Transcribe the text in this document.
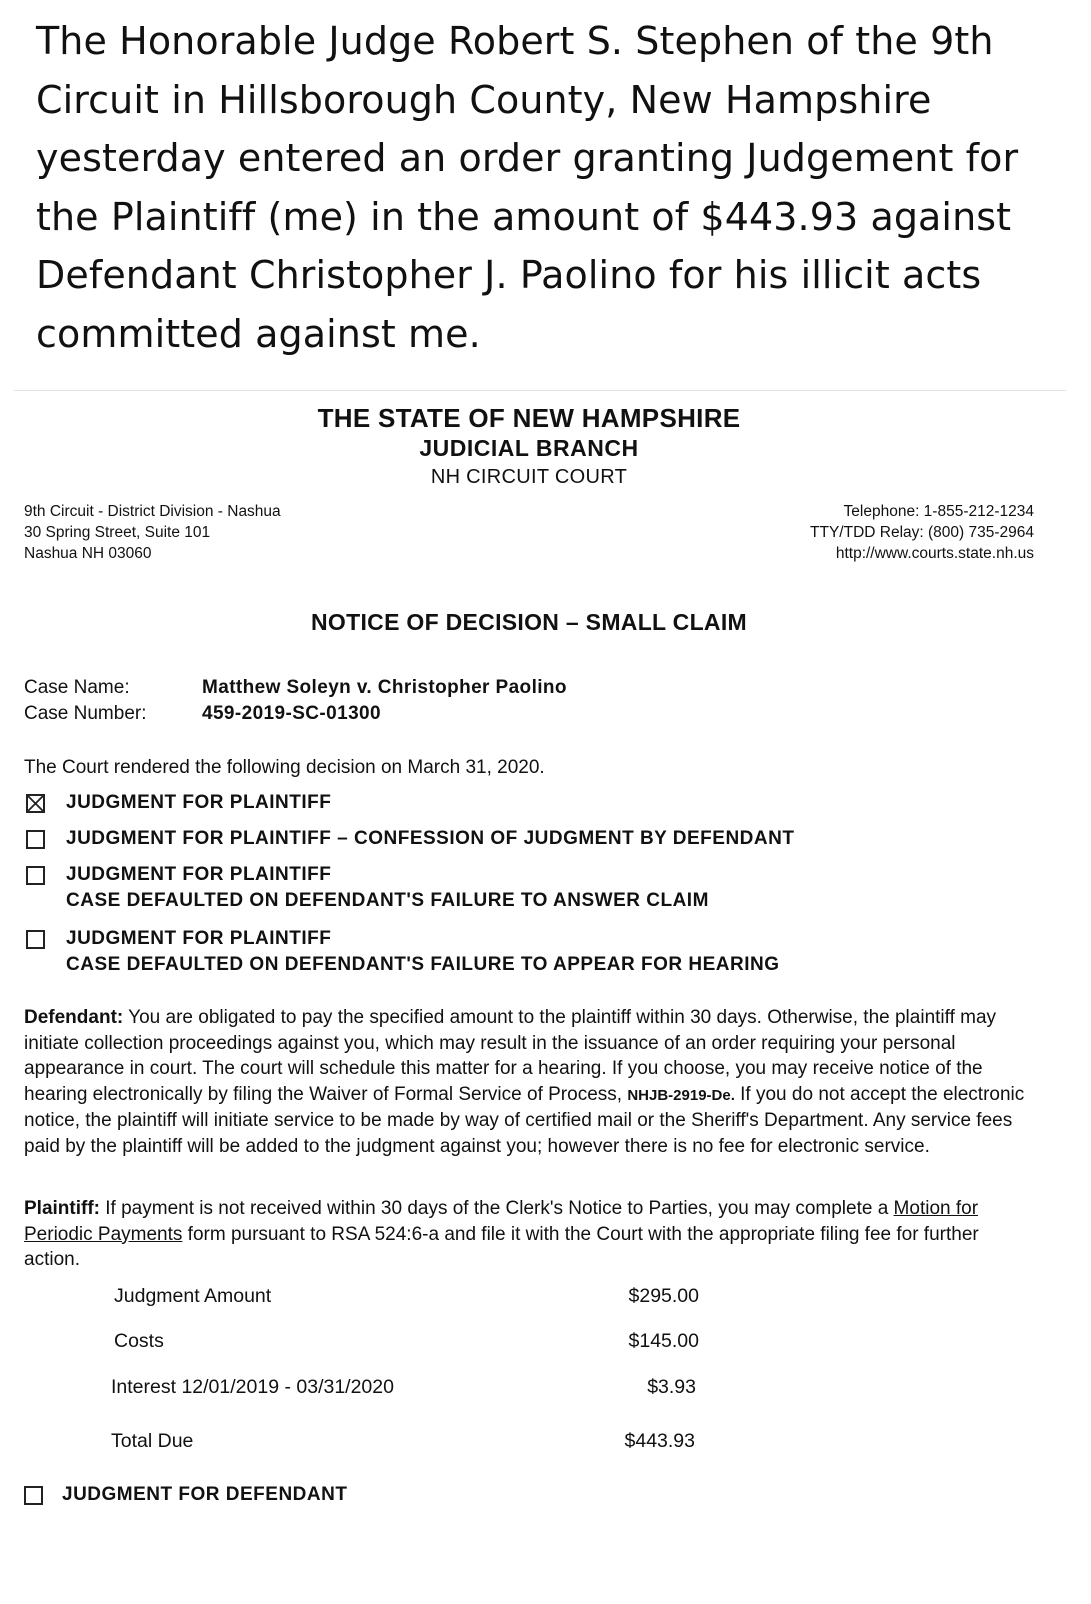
The Honorable Judge Robert S. Stephen of the 9th
Circuit in Hillsborough County, New Hampshire
yesterday entered an order granting Judgement for
the Plaintiff (me) in the amount of $443.93 against
Defendant Christopher J. Paolino for his illicit acts
committed against me.
THE STATE OF NEW HAMPSHIRE
JUDICIAL BRANCH
NH CIRCUIT COURT
9th Circuit - District Division - Nashua
30 Spring Street, Suite 101
Nashua NH 03060
Telephone: 1-855-212-1234
TTY/TDD Relay: (800) 735-2964
http://www.courts.state.nh.us
NOTICE OF DECISION – SMALL CLAIM
Case Name:	Matthew Soleyn v. Christopher Paolino
Case Number:	459-2019-SC-01300
The Court rendered the following decision on March 31, 2020.
JUDGMENT FOR PLAINTIFF
JUDGMENT FOR PLAINTIFF – CONFESSION OF JUDGMENT BY DEFENDANT
JUDGMENT FOR PLAINTIFF
CASE DEFAULTED ON DEFENDANT'S FAILURE TO ANSWER CLAIM
JUDGMENT FOR PLAINTIFF
CASE DEFAULTED ON DEFENDANT'S FAILURE TO APPEAR FOR HEARING
Defendant: You are obligated to pay the specified amount to the plaintiff within 30 days. Otherwise, the plaintiff may initiate collection proceedings against you, which may result in the issuance of an order requiring your personal appearance in court. The court will schedule this matter for a hearing. If you choose, you may receive notice of the hearing electronically by filing the Waiver of Formal Service of Process, NHJB-2919-De. If you do not accept the electronic notice, the plaintiff will initiate service to be made by way of certified mail or the Sheriff's Department. Any service fees paid by the plaintiff will be added to the judgment against you; however there is no fee for electronic service.
Plaintiff: If payment is not received within 30 days of the Clerk's Notice to Parties, you may complete a Motion for Periodic Payments form pursuant to RSA 524:6-a and file it with the Court with the appropriate filing fee for further action.
Judgment Amount	$295.00
Costs	$145.00
Interest 12/01/2019 - 03/31/2020	$3.93
Total Due	$443.93
JUDGMENT FOR DEFENDANT
